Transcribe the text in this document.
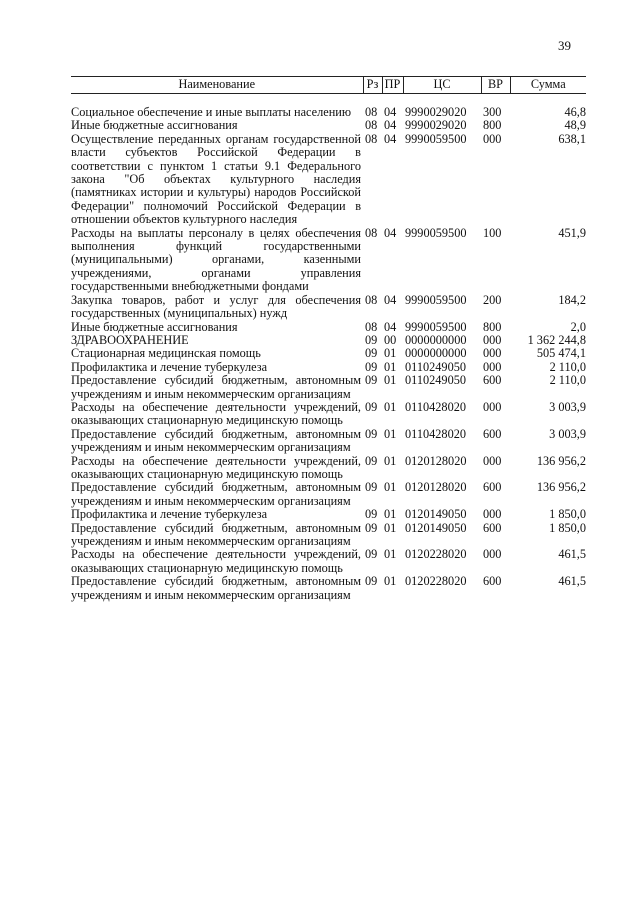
39
Наименование	Рз	ПР	ЦС	ВР	Сумма
Социальное обеспечение и иные выплаты населению	08	04	9990029020	300	46,8
Иные бюджетные ассигнования	08	04	9990029020	800	48,9
Осуществление переданных органам государственной власти субъектов Российской Федерации в соответствии с пунктом 1 статьи 9.1 Федерального закона "Об объектах культурного наследия (памятниках истории и культуры) народов Российской Федерации" полномочий Российской Федерации в отношении объектов культурного наследия	08	04	9990059500	000	638,1
Расходы на выплаты персоналу в целях обеспечения выполнения функций государственными (муниципальными) органами, казенными учреждениями, органами управления государственными внебюджетными фондами	08	04	9990059500	100	451,9
Закупка товаров, работ и услуг для обеспечения государственных (муниципальных) нужд	08	04	9990059500	200	184,2
Иные бюджетные ассигнования	08	04	9990059500	800	2,0
ЗДРАВООХРАНЕНИЕ	09	00	0000000000	000	1 362 244,8
Стационарная медицинская помощь	09	01	0000000000	000	505 474,1
Профилактика и лечение туберкулеза	09	01	0110249050	000	2 110,0
Предоставление субсидий бюджетным, автономным учреждениям и иным некоммерческим организациям	09	01	0110249050	600	2 110,0
Расходы на обеспечение деятельности учреждений, оказывающих стационарную медицинскую помощь	09	01	0110428020	000	3 003,9
Предоставление субсидий бюджетным, автономным учреждениям и иным некоммерческим организациям	09	01	0110428020	600	3 003,9
Расходы на обеспечение деятельности учреждений, оказывающих стационарную медицинскую помощь	09	01	0120128020	000	136 956,2
Предоставление субсидий бюджетным, автономным учреждениям и иным некоммерческим организациям	09	01	0120128020	600	136 956,2
Профилактика и лечение туберкулеза	09	01	0120149050	000	1 850,0
Предоставление субсидий бюджетным, автономным учреждениям и иным некоммерческим организациям	09	01	0120149050	600	1 850,0
Расходы на обеспечение деятельности учреждений, оказывающих стационарную медицинскую помощь	09	01	0120228020	000	461,5
Предоставление субсидий бюджетным, автономным учреждениям и иным некоммерческим организациям	09	01	0120228020	600	461,5
